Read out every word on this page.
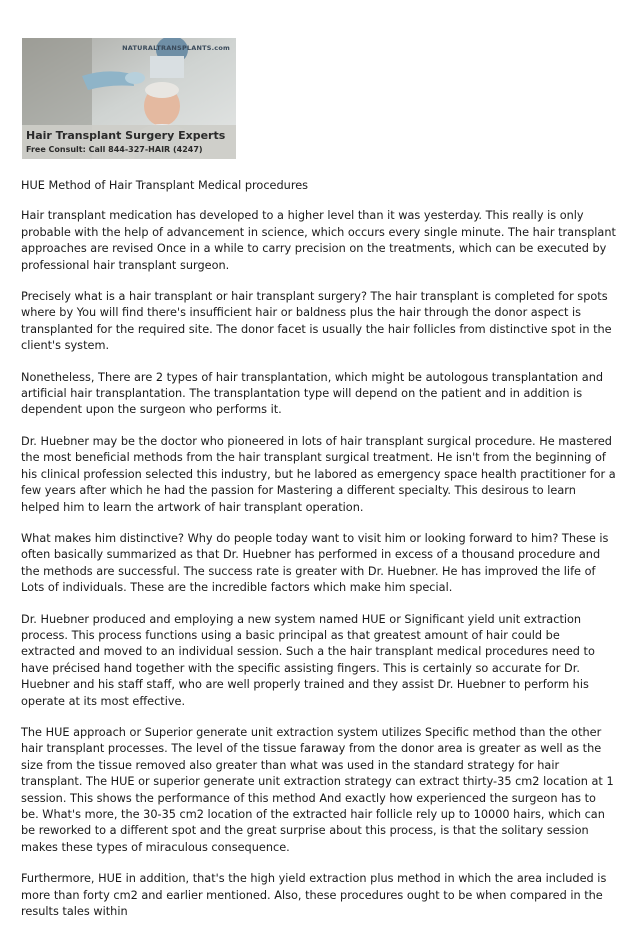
NATURALTRANSPLANTS.com
Hair Transplant Surgery Experts
Free Consult: Call 844-327-HAIR (4247)
HUE Method of Hair Transplant Medical procedures

Hair transplant medication has developed to a higher level than it was yesterday. This really is only probable with the help of advancement in science, which occurs every single minute. The hair transplant approaches are revised Once in a while to carry precision on the treatments, which can be executed by professional hair transplant surgeon.

Precisely what is a hair transplant or hair transplant surgery? The hair transplant is completed for spots where by You will find there's insufficient hair or baldness plus the hair through the donor aspect is transplanted for the required site. The donor facet is usually the hair follicles from distinctive spot in the client's system.

Nonetheless, There are 2 types of hair transplantation, which might be autologous transplantation and artificial hair transplantation. The transplantation type will depend on the patient and in addition is dependent upon the surgeon who performs it.

Dr. Huebner may be the doctor who pioneered in lots of hair transplant surgical procedure. He mastered the most beneficial methods from the hair transplant surgical treatment. He isn't from the beginning of his clinical profession selected this industry, but he labored as emergency space health practitioner for a few years after which he had the passion for Mastering a different specialty. This desirous to learn helped him to learn the artwork of hair transplant operation.

What makes him distinctive? Why do people today want to visit him or looking forward to him? These is often basically summarized as that Dr. Huebner has performed in excess of a thousand procedure and the methods are successful. The success rate is greater with Dr. Huebner. He has improved the life of Lots of individuals. These are the incredible factors which make him special.

Dr. Huebner produced and employing a new system named HUE or Significant yield unit extraction process. This process functions using a basic principal as that greatest amount of hair could be extracted and moved to an individual session. Such a the hair transplant medical procedures need to have précised hand together with the specific assisting fingers. This is certainly so accurate for Dr. Huebner and his staff staff, who are well properly trained and they assist Dr. Huebner to perform his operate at its most effective.

The HUE approach or Superior generate unit extraction system utilizes Specific method than the other hair transplant processes. The level of the tissue faraway from the donor area is greater as well as the size from the tissue removed also greater than what was used in the standard strategy for hair transplant. The HUE or superior generate unit extraction strategy can extract thirty-35 cm2 location at 1 session. This shows the performance of this method And exactly how experienced the surgeon has to be. What's more, the 30-35 cm2 location of the extracted hair follicle rely up to 10000 hairs, which can be reworked to a different spot and the great surprise about this process, is that the solitary session makes these types of miraculous consequence.

Furthermore, HUE in addition, that's the high yield extraction plus method in which the area included is more than forty cm2 and earlier mentioned. Also, these procedures ought to be when compared in the results tales within
